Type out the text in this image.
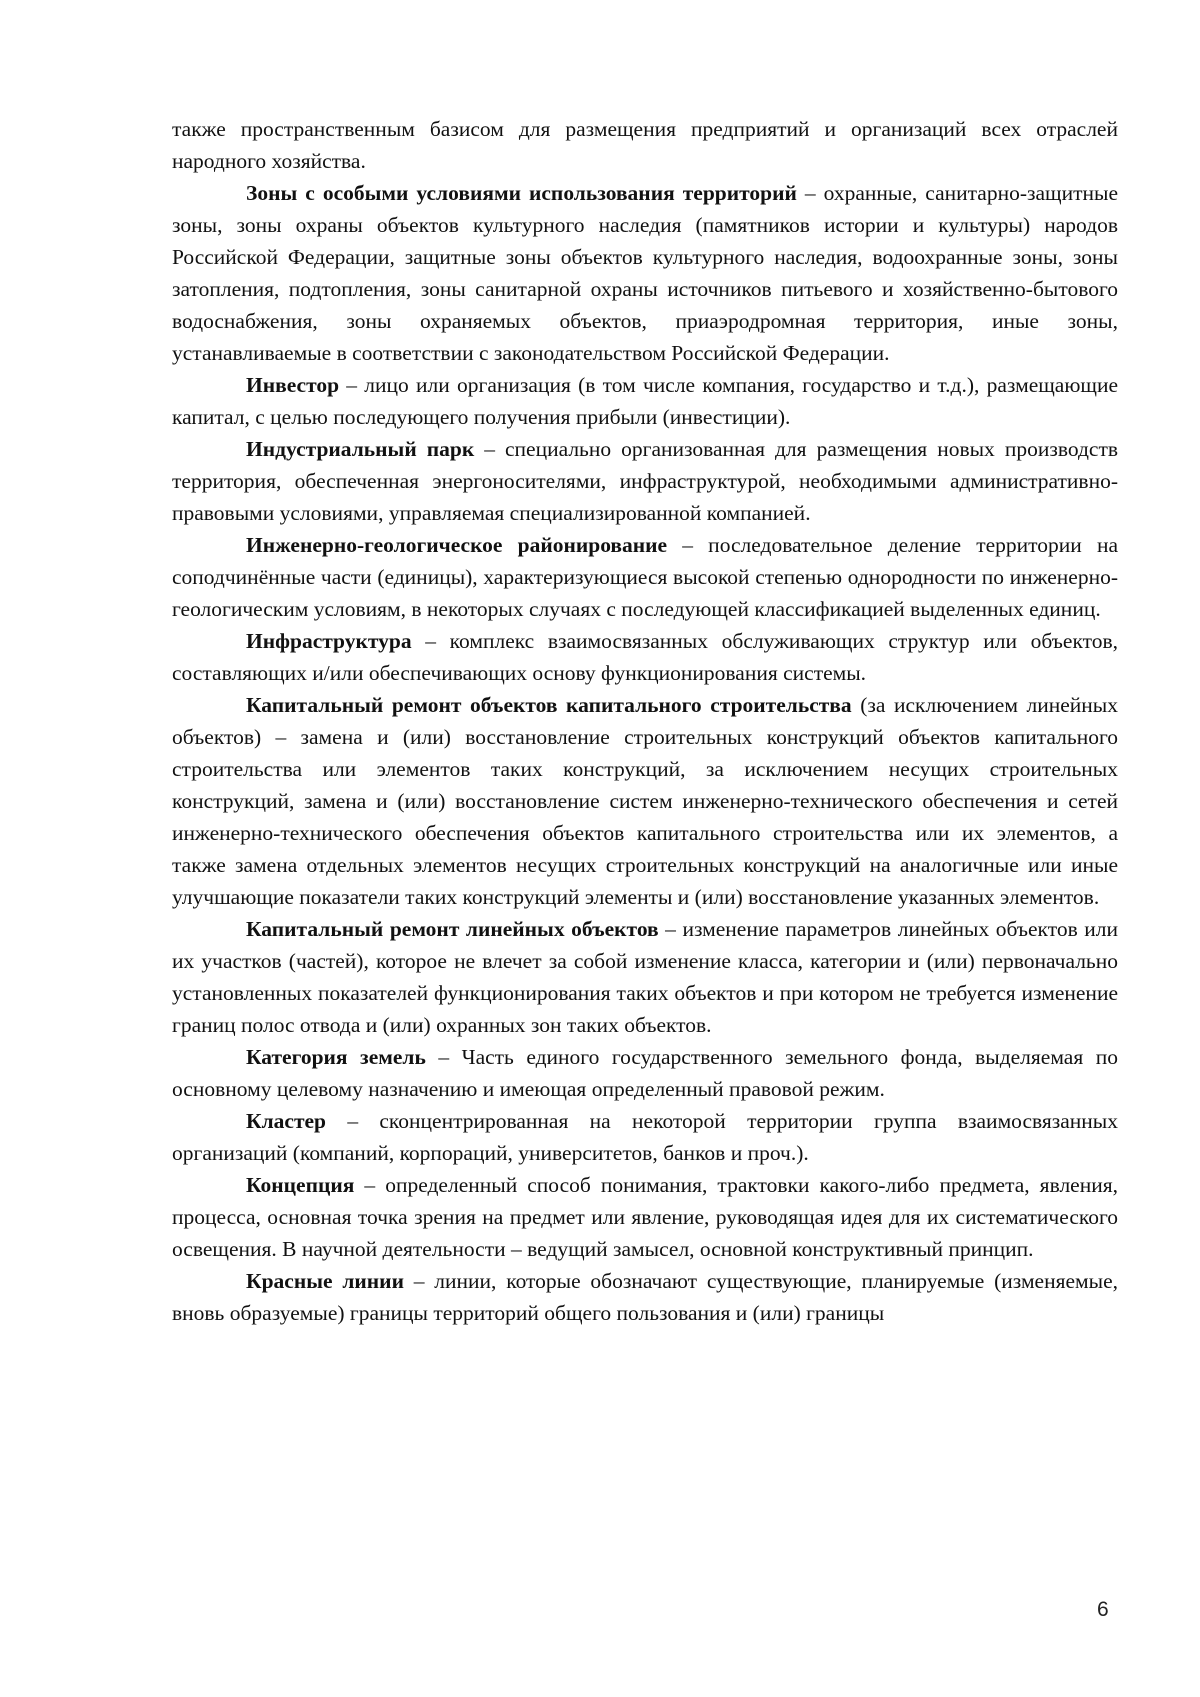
также пространственным базисом для размещения предприятий и организаций всех отраслей народного хозяйства.

Зоны с особыми условиями использования территорий – охранные, санитарно-защитные зоны, зоны охраны объектов культурного наследия (памятников истории и культуры) народов Российской Федерации, защитные зоны объектов культурного наследия, водоохранные зоны, зоны затопления, подтопления, зоны санитарной охраны источников питьевого и хозяйственно-бытового водоснабжения, зоны охраняемых объектов, приаэродромная территория, иные зоны, устанавливаемые в соответствии с законодательством Российской Федерации.

Инвестор – лицо или организация (в том числе компания, государство и т.д.), размещающие капитал, с целью последующего получения прибыли (инвестиции).

Индустриальный парк – специально организованная для размещения новых производств территория, обеспеченная энергоносителями, инфраструктурой, необходимыми административно-правовыми условиями, управляемая специализированной компанией.

Инженерно-геологическое районирование – последовательное деление территории на соподчинённые части (единицы), характеризующиеся высокой степенью однородности по инженерно-геологическим условиям, в некоторых случаях с последующей классификацией выделенных единиц.

Инфраструктура – комплекс взаимосвязанных обслуживающих структур или объектов, составляющих и/или обеспечивающих основу функционирования системы.

Капитальный ремонт объектов капитального строительства (за исключением линейных объектов) – замена и (или) восстановление строительных конструкций объектов капитального строительства или элементов таких конструкций, за исключением несущих строительных конструкций, замена и (или) восстановление систем инженерно-технического обеспечения и сетей инженерно-технического обеспечения объектов капитального строительства или их элементов, а также замена отдельных элементов несущих строительных конструкций на аналогичные или иные улучшающие показатели таких конструкций элементы и (или) восстановление указанных элементов.

Капитальный ремонт линейных объектов – изменение параметров линейных объектов или их участков (частей), которое не влечет за собой изменение класса, категории и (или) первоначально установленных показателей функционирования таких объектов и при котором не требуется изменение границ полос отвода и (или) охранных зон таких объектов.

Категория земель – Часть единого государственного земельного фонда, выделяемая по основному целевому назначению и имеющая определенный правовой режим.

Кластер – сконцентрированная на некоторой территории группа взаимосвязанных организаций (компаний, корпораций, университетов, банков и проч.).

Концепция – определенный способ понимания, трактовки какого-либо предмета, явления, процесса, основная точка зрения на предмет или явление, руководящая идея для их систематического освещения. В научной деятельности – ведущий замысел, основной конструктивный принцип.

Красные линии – линии, которые обозначают существующие, планируемые (изменяемые, вновь образуемые) границы территорий общего пользования и (или) границы

6
